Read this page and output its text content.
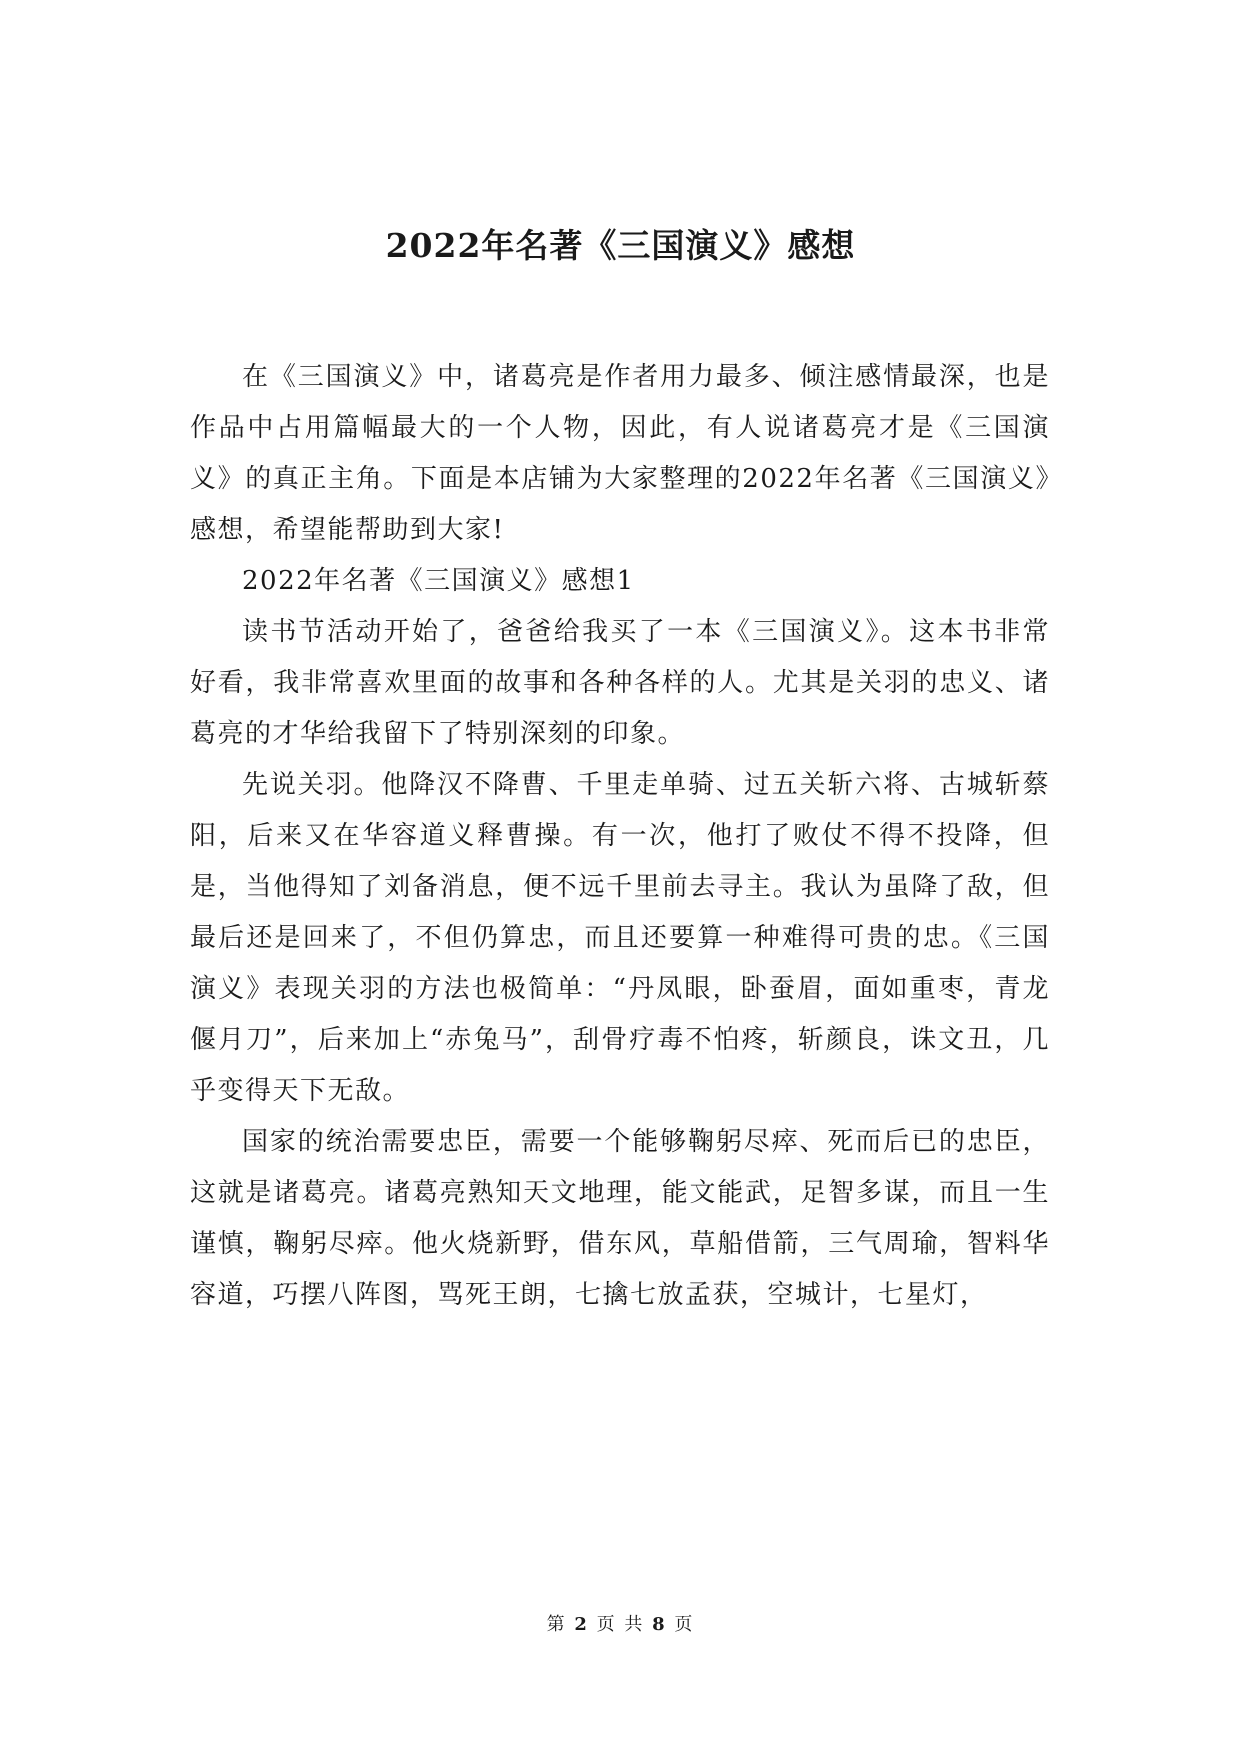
2022年名著《三国演义》感想

在《三国演义》中，诸葛亮是作者用力最多、倾注感情最深，也是作品中占用篇幅最大的一个人物，因此，有人说诸葛亮才是《三国演义》的真正主角。下面是本店铺为大家整理的2022年名著《三国演义》感想，希望能帮助到大家!

2022年名著《三国演义》感想1

读书节活动开始了，爸爸给我买了一本《三国演义》。这本书非常好看，我非常喜欢里面的故事和各种各样的人。尤其是关羽的忠义、诸葛亮的才华给我留下了特别深刻的印象。

先说关羽。他降汉不降曹、千里走单骑、过五关斩六将、古城斩蔡阳，后来又在华容道义释曹操。有一次，他打了败仗不得不投降，但是，当他得知了刘备消息，便不远千里前去寻主。我认为虽降了敌，但最后还是回来了，不但仍算忠，而且还要算一种难得可贵的忠。《三国演义》表现关羽的方法也极简单：“丹凤眼，卧蚕眉，面如重枣，青龙偃月刀”，后来加上“赤兔马”，刮骨疗毒不怕疼，斩颜良，诛文丑，几乎变得天下无敌。

国家的统治需要忠臣，需要一个能够鞠躬尽瘁、死而后已的忠臣，这就是诸葛亮。诸葛亮熟知天文地理，能文能武，足智多谋，而且一生谨慎，鞠躬尽瘁。他火烧新野，借东风，草船借箭，三气周瑜，智料华容道，巧摆八阵图，骂死王朗，七擒七放孟获，空城计，七星灯，

第 2 页 共 8 页
